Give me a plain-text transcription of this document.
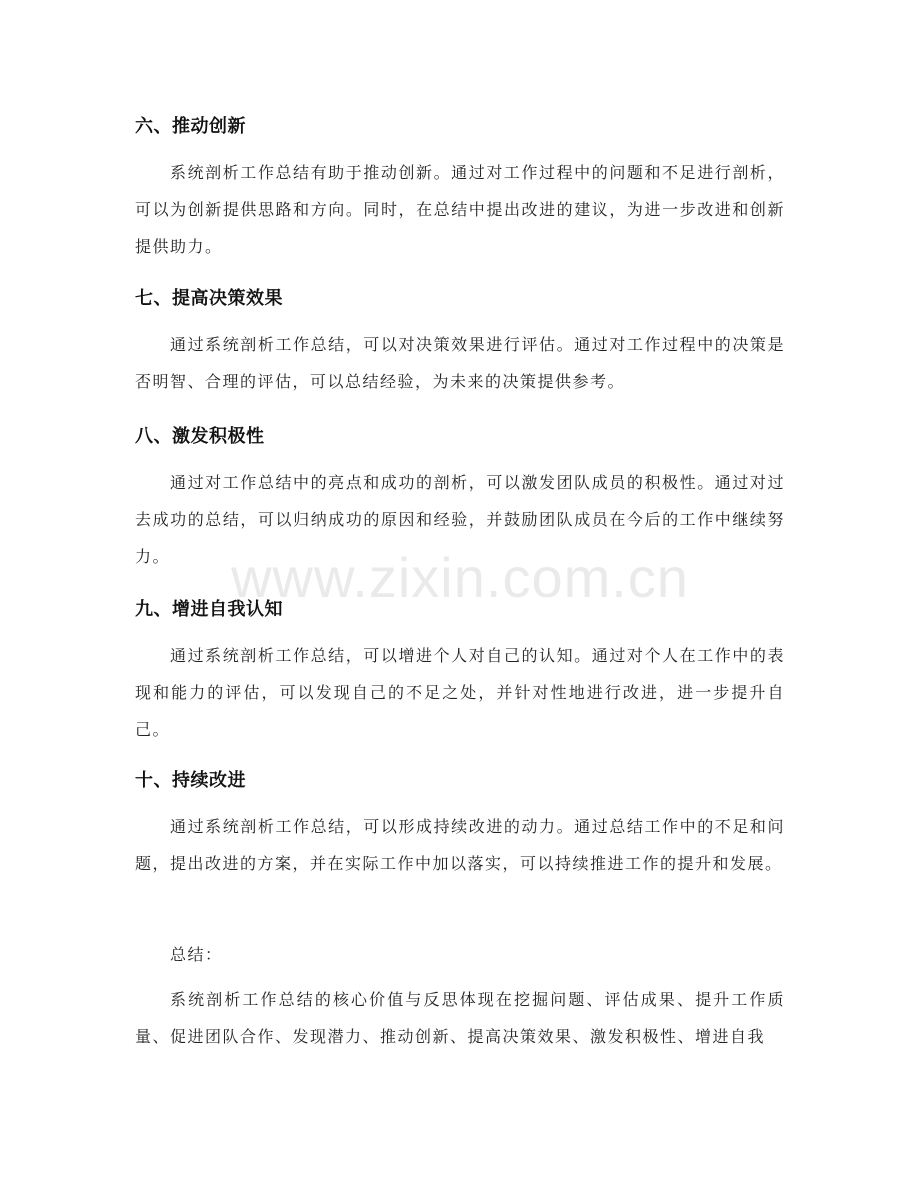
六、推动创新
系统剖析工作总结有助于推动创新。通过对工作过程中的问题和不足进行剖析，可以为创新提供思路和方向。同时，在总结中提出改进的建议，为进一步改进和创新提供助力。
七、提高决策效果
通过系统剖析工作总结，可以对决策效果进行评估。通过对工作过程中的决策是否明智、合理的评估，可以总结经验，为未来的决策提供参考。
八、激发积极性
通过对工作总结中的亮点和成功的剖析，可以激发团队成员的积极性。通过对过去成功的总结，可以归纳成功的原因和经验，并鼓励团队成员在今后的工作中继续努力。
九、增进自我认知
通过系统剖析工作总结，可以增进个人对自己的认知。通过对个人在工作中的表现和能力的评估，可以发现自己的不足之处，并针对性地进行改进，进一步提升自己。
十、持续改进
通过系统剖析工作总结，可以形成持续改进的动力。通过总结工作中的不足和问题，提出改进的方案，并在实际工作中加以落实，可以持续推进工作的提升和发展。
总结：
系统剖析工作总结的核心价值与反思体现在挖掘问题、评估成果、提升工作质量、促进团队合作、发现潜力、推动创新、提高决策效果、激发积极性、增进自我
www.zixin.com.cn
